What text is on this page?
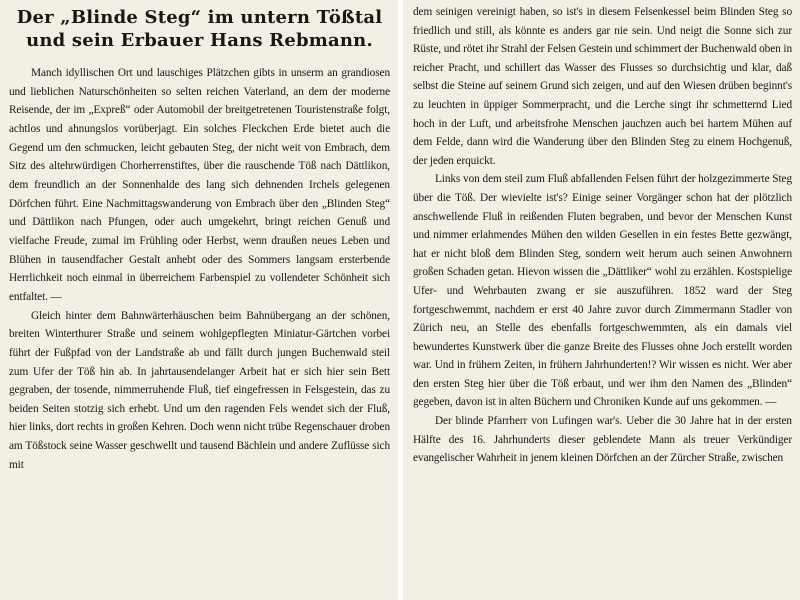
Der „Blinde Steg“ im untern Tößtal
und sein Erbauer Hans Rebmann.

Manch idyllischen Ort und lauschiges Plätzchen gibts in unserm an grandiosen und lieblichen Naturschönheiten so selten reichen Vaterland, an dem der moderne Reisende, der im „Expreß“ oder Automobil der breitgetretenen Touristenstraße folgt, achtlos und ahnungslos vorüberjagt. Ein solches Fleckchen Erde bietet auch die Gegend um den schmucken, leicht gebauten Steg, der nicht weit von Embrach, dem Sitz des altehrwürdigen Chorherrenstiftes, über die rauschende Töß nach Dättlikon, dem freundlich an der Sonnenhalde des lang sich dehnenden Irchels gelegenen Dörfchen führt. Eine Nachmittagswanderung von Embrach über den „Blinden Steg“ und Dättlikon nach Pfungen, oder auch umgekehrt, bringt reichen Genuß und vielfache Freude, zumal im Frühling oder Herbst, wenn draußen neues Leben und Blühen in tausendfacher Gestalt anhebt oder des Sommers langsam ersterbende Herrlichkeit noch einmal in überreichem Farbenspiel zu vollendeter Schönheit sich entfaltet. —

Gleich hinter dem Bahnwärterhäuschen beim Bahnübergang an der schönen, breiten Winterthurer Straße und seinem wohlgepflegten Miniatur-Gärtchen vorbei führt der Fußpfad von der Landstraße ab und fällt durch jungen Buchenwald steil zum Ufer der Töß hin ab. In jahrtausendelanger Arbeit hat er sich hier sein Bett gegraben, der tosende, nimmerruhende Fluß, tief eingefressen in Felsgestein, das zu beiden Seiten stotzig sich erhebt. Und um den ragenden Fels wendet sich der Fluß, hier links, dort rechts in großen Kehren. Doch wenn nicht trübe Regenschauer droben am Tößstock seine Wasser geschwellt und tausend Bächlein und andere Zuflüsse sich mit

dem seinigen vereinigt haben, so ist's in diesem Felsenkessel beim Blinden Steg so friedlich und still, als könnte es anders gar nie sein. Und neigt die Sonne sich zur Rüste, und rötet ihr Strahl der Felsen Gestein und schimmert der Buchenwald oben in reicher Pracht, und schillert das Wasser des Flusses so durchsichtig und klar, daß selbst die Steine auf seinem Grund sich zeigen, und auf den Wiesen drüben beginnt's zu leuchten in üppiger Sommerpracht, und die Lerche singt ihr schmetternd Lied hoch in der Luft, und arbeitsfrohe Menschen jauchzen auch bei hartem Mühen auf dem Felde, dann wird die Wanderung über den Blinden Steg zu einem Hochgenuß, der jeden erquickt.

Links von dem steil zum Fluß abfallenden Felsen führt der holzgezimmerte Steg über die Töß. Der wievielte ist's? Einige seiner Vorgänger schon hat der plötzlich anschwellende Fluß in reißenden Fluten begraben, und bevor der Menschen Kunst und nimmer erlahmendes Mühen den wilden Gesellen in ein festes Bette gezwängt, hat er nicht bloß dem Blinden Steg, sondern weit herum auch seinen Anwohnern großen Schaden getan. Hievon wissen die „Dättliker“ wohl zu erzählen. Kostspielige Ufer- und Wehrbauten zwang er sie auszuführen. 1852 ward der Steg fortgeschwemmt, nachdem er erst 40 Jahre zuvor durch Zimmermann Stadler von Zürich neu, an Stelle des ebenfalls fortgeschwemmten, als ein damals viel bewundertes Kunstwerk über die ganze Breite des Flusses ohne Joch erstellt worden war. Und in frühern Zeiten, in frühern Jahrhunderten!? Wir wissen es nicht. Wer aber den ersten Steg hier über die Töß erbaut, und wer ihm den Namen des „Blinden“ gegeben, davon ist in alten Büchern und Chroniken Kunde auf uns gekommen. —

Der blinde Pfarrherr von Lufingen war's. Ueber die 30 Jahre hat in der ersten Hälfte des 16. Jahrhunderts dieser geblendete Mann als treuer Verkündiger evangelischer Wahrheit in jenem kleinen Dörfchen an der Zürcher Straße, zwischen
